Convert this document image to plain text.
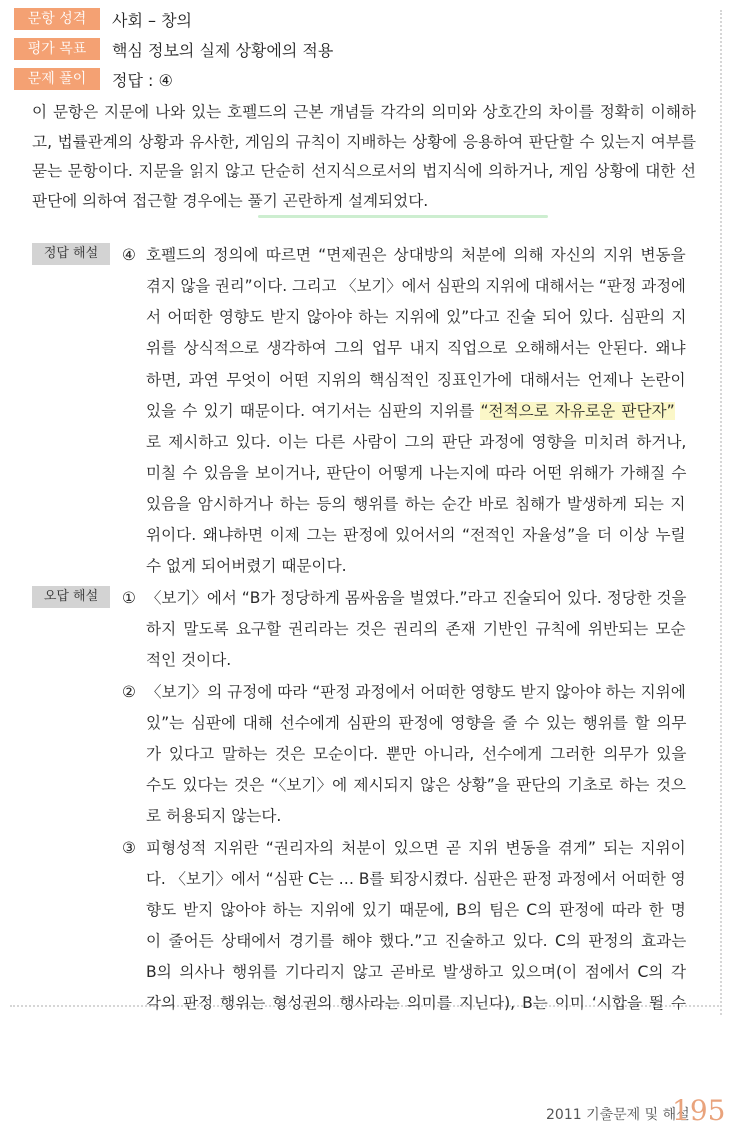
문항 성격	사회 – 창의
평가 목표	핵심 정보의 실제 상황에의 적용
문제 풀이	정답 : ④

이 문항은 지문에 나와 있는 호펠드의 근본 개념들 각각의 의미와 상호간의 차이를 정확히 이해하고, 법률관계의 상황과 유사한, 게임의 규칙이 지배하는 상황에 응용하여 판단할 수 있는지 여부를 묻는 문항이다. 지문을 읽지 않고 단순히 선지식으로서의 법지식에 의하거나, 게임 상황에 대한 선판단에 의하여 접근할 경우에는 풀기 곤란하게 설계되었다.

정답 해설	④ 호펠드의 정의에 따르면 “면제권은 상대방의 처분에 의해 자신의 지위 변동을
겪지 않을 권리”이다. 그리고 〈보기〉에서 심판의 지위에 대해서는 “판정 과정에
서 어떠한 영향도 받지 않아야 하는 지위에 있”다고 진술 되어 있다. 심판의 지
위를 상식적으로 생각하여 그의 업무 내지 직업으로 오해해서는 안된다. 왜냐
하면, 과연 무엇이 어떤 지위의 핵심적인 징표인가에 대해서는 언제나 논란이
있을 수 있기 때문이다. 여기서는 심판의 지위를 “전적으로 자유로운 판단자”
로 제시하고 있다. 이는 다른 사람이 그의 판단 과정에 영향을 미치려 하거나,
미칠 수 있음을 보이거나, 판단이 어떻게 나는지에 따라 어떤 위해가 가해질 수
있음을 암시하거나 하는 등의 행위를 하는 순간 바로 침해가 발생하게 되는 지
위이다. 왜냐하면 이제 그는 판정에 있어서의 “전적인 자율성”을 더 이상 누릴
수 없게 되어버렸기 때문이다.
오답 해설	① 〈보기〉에서 “B가 정당하게 몸싸움을 벌였다.”라고 진술되어 있다. 정당한 것을
하지 말도록 요구할 권리라는 것은 권리의 존재 기반인 규칙에 위반되는 모순
적인 것이다.
② 〈보기〉의 규정에 따라 “판정 과정에서 어떠한 영향도 받지 않아야 하는 지위에
있”는 심판에 대해 선수에게 심판의 판정에 영향을 줄 수 있는 행위를 할 의무
가 있다고 말하는 것은 모순이다. 뿐만 아니라, 선수에게 그러한 의무가 있을
수도 있다는 것은 “〈보기〉에 제시되지 않은 상황”을 판단의 기초로 하는 것으
로 허용되지 않는다.
③ 피형성적 지위란 “권리자의 처분이 있으면 곧 지위 변동을 겪게” 되는 지위이
다. 〈보기〉에서 “심판 C는 … B를 퇴장시켰다. 심판은 판정 과정에서 어떠한 영
향도 받지 않아야 하는 지위에 있기 때문에, B의 팀은 C의 판정에 따라 한 명
이 줄어든 상태에서 경기를 해야 했다.”고 진술하고 있다. C의 판정의 효과는
B의 의사나 행위를 기다리지 않고 곧바로 발생하고 있으며(이 점에서 C의 각
각의 판정 행위는 형성권의 행사라는 의미를 지닌다), B는 이미 ‘시합을 뛸 수
2011 기출문제 및 해설
195
